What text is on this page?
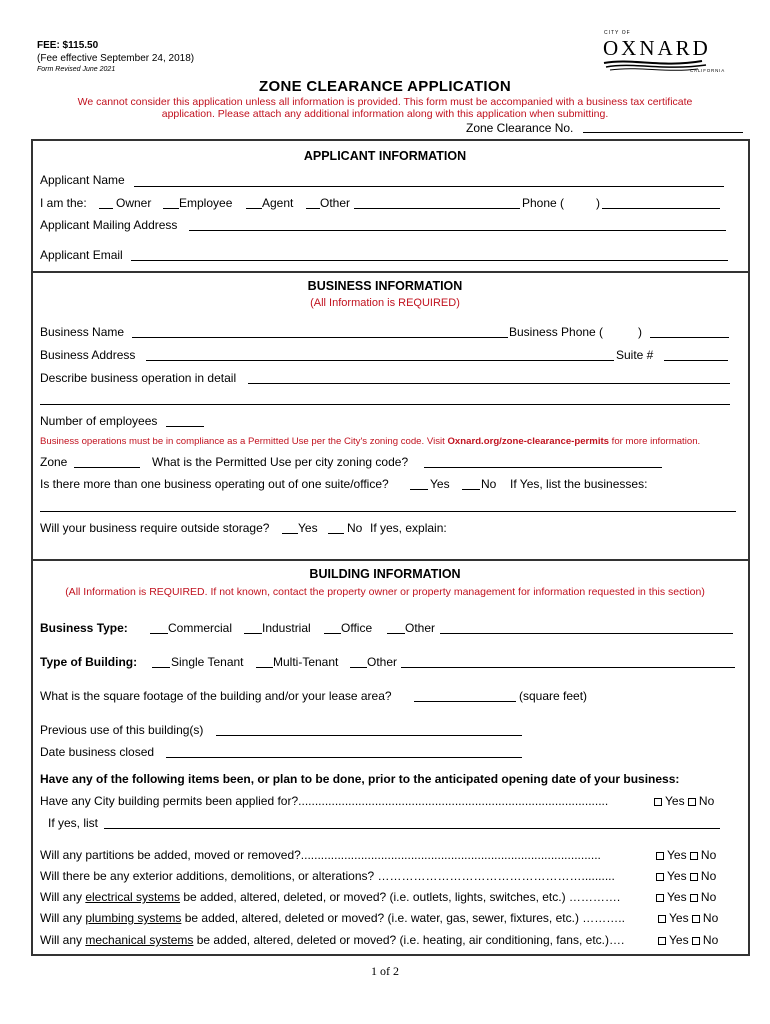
FEE: $115.50
(Fee effective September 24, 2018)
Form Revised June 2021
CITY OF
OXNARD
CALIFORNIA
ZONE CLEARANCE APPLICATION
We cannot consider this application unless all information is provided. This form must be accompanied with a business tax certificate
application. Please attach any additional information along with this application when submitting.
Zone Clearance No.
APPLICANT INFORMATION
Applicant Name
I am the: Owner Employee Agent Other	Phone (	)
Applicant Mailing Address
Applicant Email
BUSINESS INFORMATION
(All Information is REQUIRED)
Business Name	Business Phone (	)
Business Address	Suite #
Describe business operation in detail
Number of employees
Business operations must be in compliance as a Permitted Use per the City's zoning code. Visit Oxnard.org/zone-clearance-permits for more information.
Zone	What is the Permitted Use per city zoning code?
Is there more than one business operating out of one suite/office?	Yes	No If Yes, list the businesses:
Will your business require outside storage? Yes No If yes, explain:
BUILDING INFORMATION
(All Information is REQUIRED. If not known, contact the property owner or property management for information requested in this section)
Business Type:	Commercial Industrial	Office	Other
Type of Building:	Single Tenant Multi-Tenant Other
What is the square footage of the building and/or your lease area?	(square feet)
Previous use of this building(s)
Date business closed
Have any of the following items been, or plan to be done, prior to the anticipated opening date of your business:
Have any City building permits been applied for?.............................................................................................	Yes No
If yes, list
Will any partitions be added, moved or removed?..........................................................................................	Yes No
Will there be any exterior additions, demolitions, or alterations? ……………………………………………..........	Yes No
Will any electrical systems be added, altered, deleted, or moved? (i.e. outlets, lights, switches, etc.) ………….	Yes No
Will any plumbing systems be added, altered, deleted or moved? (i.e. water, gas, sewer, fixtures, etc.) ………..	Yes No
Will any mechanical systems be added, altered, deleted or moved? (i.e. heating, air conditioning, fans, etc.)….	Yes No
1 of 2
